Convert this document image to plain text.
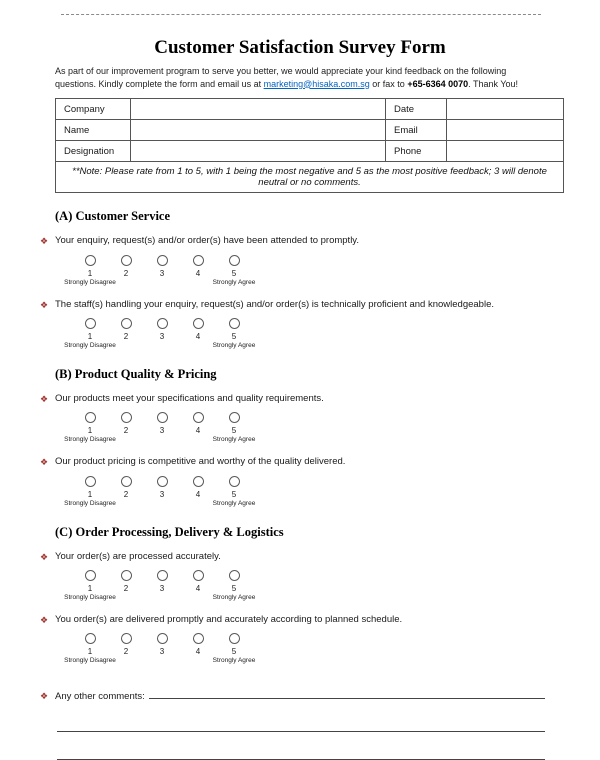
Customer Satisfaction Survey Form

As part of our improvement program to serve you better, we would appreciate your kind feedback on the following questions. Kindly complete the form and email us at marketing@hisaka.com.sg or fax to +65-6364 0070. Thank You!

Company		Date	
Name		Email	
Designation		Phone	
**Note: Please rate from 1 to 5, with 1 being the most negative and 5 as the most positive feedback; 3 will denote neutral or no comments.			
(A) Customer Service
❖ Your enquiry, request(s) and/or order(s) have been attended to promptly.
1	2	3	4	5
Strongly Disagree	Strongly Agree
❖ The staff(s) handling your enquiry, request(s) and/or order(s) is technically proficient and knowledgeable.
1	2	3	4	5
Strongly Disagree	Strongly Agree
(B) Product Quality & Pricing
❖ Our products meet your specifications and quality requirements.
1	2	3	4	5
Strongly Disagree	Strongly Agree
❖ Our product pricing is competitive and worthy of the quality delivered.
1	2	3	4	5
Strongly Disagree	Strongly Agree
(C) Order Processing, Delivery & Logistics
❖ Your order(s) are processed accurately.
1	2	3	4	5
Strongly Disagree	Strongly Agree
❖ You order(s) are delivered promptly and accurately according to planned schedule.
1	2	3	4	5
Strongly Disagree	Strongly Agree
❖ Any other comments:
